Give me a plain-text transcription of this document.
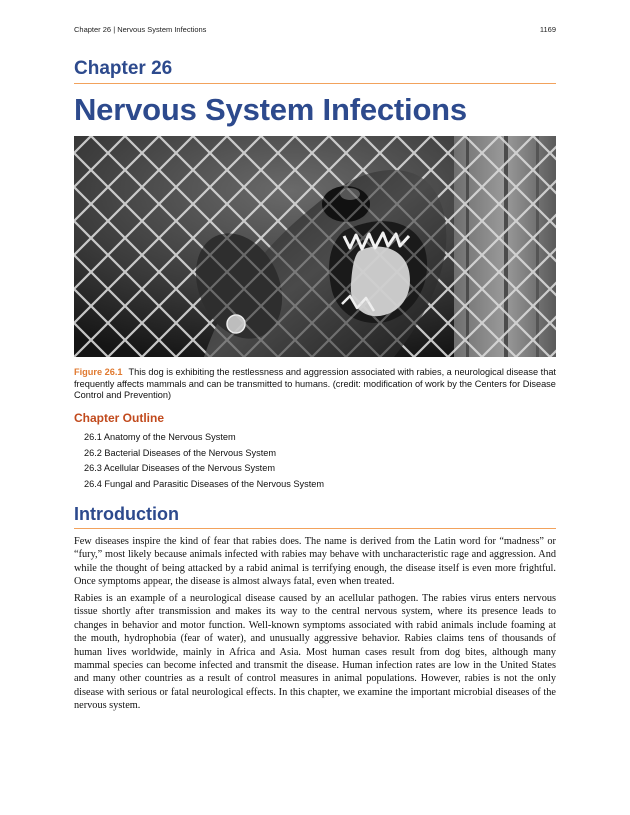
Chapter 26 | Nervous System Infections	1169
Chapter 26
Nervous System Infections
Figure 26.1 This dog is exhibiting the restlessness and aggression associated with rabies, a neurological disease that frequently affects mammals and can be transmitted to humans. (credit: modification of work by the Centers for Disease Control and Prevention)
Chapter Outline
26.1 Anatomy of the Nervous System
26.2 Bacterial Diseases of the Nervous System
26.3 Acellular Diseases of the Nervous System
26.4 Fungal and Parasitic Diseases of the Nervous System
Introduction

Few diseases inspire the kind of fear that rabies does. The name is derived from the Latin word for “madness” or “fury,” most likely because animals infected with rabies may behave with uncharacteristic rage and aggression. And while the thought of being attacked by a rabid animal is terrifying enough, the disease itself is even more frightful. Once symptoms appear, the disease is almost always fatal, even when treated.

Rabies is an example of a neurological disease caused by an acellular pathogen. The rabies virus enters nervous tissue shortly after transmission and makes its way to the central nervous system, where its presence leads to changes in behavior and motor function. Well-known symptoms associated with rabid animals include foaming at the mouth, hydrophobia (fear of water), and unusually aggressive behavior. Rabies claims tens of thousands of human lives worldwide, mainly in Africa and Asia. Most human cases result from dog bites, although many mammal species can become infected and transmit the disease. Human infection rates are low in the United States and many other countries as a result of control measures in animal populations. However, rabies is not the only disease with serious or fatal neurological effects. In this chapter, we examine the important microbial diseases of the nervous system.
